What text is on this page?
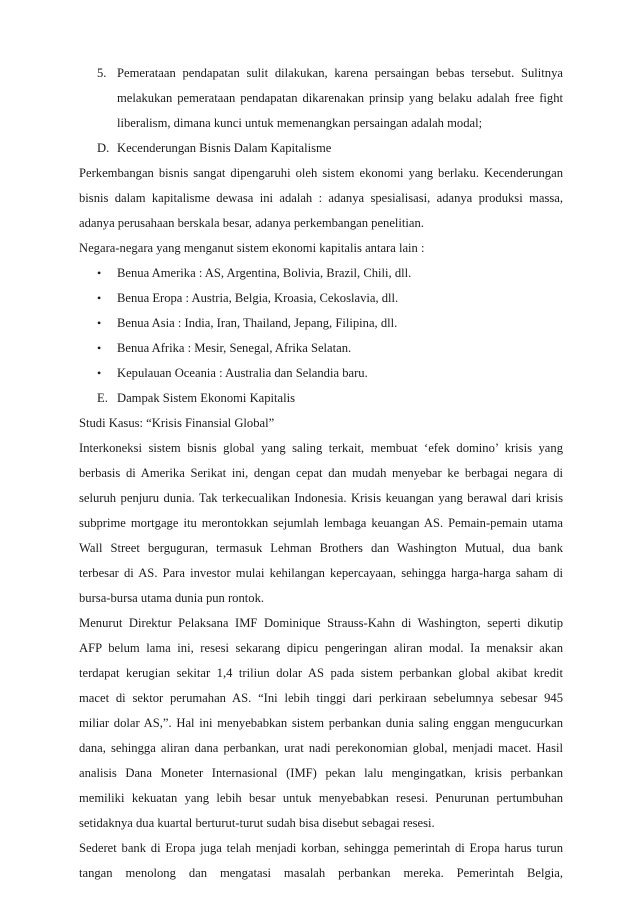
5. Pemerataan pendapatan sulit dilakukan, karena persaingan bebas tersebut. Sulitnya
melakukan pemerataan pendapatan dikarenakan prinsip yang belaku adalah free fight
liberalism, dimana kunci untuk memenangkan persaingan adalah modal;
D. Kecenderungan Bisnis Dalam Kapitalisme
Perkembangan bisnis sangat dipengaruhi oleh sistem ekonomi yang berlaku. Kecenderungan
bisnis dalam kapitalisme dewasa ini adalah : adanya spesialisasi, adanya produksi massa,
adanya perusahaan berskala besar, adanya perkembangan penelitian.
Negara-negara yang menganut sistem ekonomi kapitalis antara lain :
• Benua Amerika : AS, Argentina, Bolivia, Brazil, Chili, dll.
• Benua Eropa : Austria, Belgia, Kroasia, Cekoslavia, dll.
• Benua Asia : India, Iran, Thailand, Jepang, Filipina, dll.
• Benua Afrika : Mesir, Senegal, Afrika Selatan.
• Kepulauan Oceania : Australia dan Selandia baru.
E. Dampak Sistem Ekonomi Kapitalis
Studi Kasus: “Krisis Finansial Global”
Interkoneksi sistem bisnis global yang saling terkait, membuat ‘efek domino’ krisis yang
berbasis di Amerika Serikat ini, dengan cepat dan mudah menyebar ke berbagai negara di
seluruh penjuru dunia. Tak terkecualikan Indonesia. Krisis keuangan yang berawal dari krisis
subprime mortgage itu merontokkan sejumlah lembaga keuangan AS. Pemain-pemain utama
Wall Street berguguran, termasuk Lehman Brothers dan Washington Mutual, dua bank
terbesar di AS. Para investor mulai kehilangan kepercayaan, sehingga harga-harga saham di
bursa-bursa utama dunia pun rontok.
Menurut Direktur Pelaksana IMF Dominique Strauss-Kahn di Washington, seperti dikutip
AFP belum lama ini, resesi sekarang dipicu pengeringan aliran modal. Ia menaksir akan
terdapat kerugian sekitar 1,4 triliun dolar AS pada sistem perbankan global akibat kredit
macet di sektor perumahan AS. “Ini lebih tinggi dari perkiraan sebelumnya sebesar 945
miliar dolar AS,”. Hal ini menyebabkan sistem perbankan dunia saling enggan mengucurkan
dana, sehingga aliran dana perbankan, urat nadi perekonomian global, menjadi macet. Hasil
analisis Dana Moneter Internasional (IMF) pekan lalu mengingatkan, krisis perbankan
memiliki kekuatan yang lebih besar untuk menyebabkan resesi. Penurunan pertumbuhan
setidaknya dua kuartal berturut-turut sudah bisa disebut sebagai resesi.
Sederet bank di Eropa juga telah menjadi korban, sehingga pemerintah di Eropa harus turun
tangan menolong dan mengatasi masalah perbankan mereka. Pemerintah Belgia,
